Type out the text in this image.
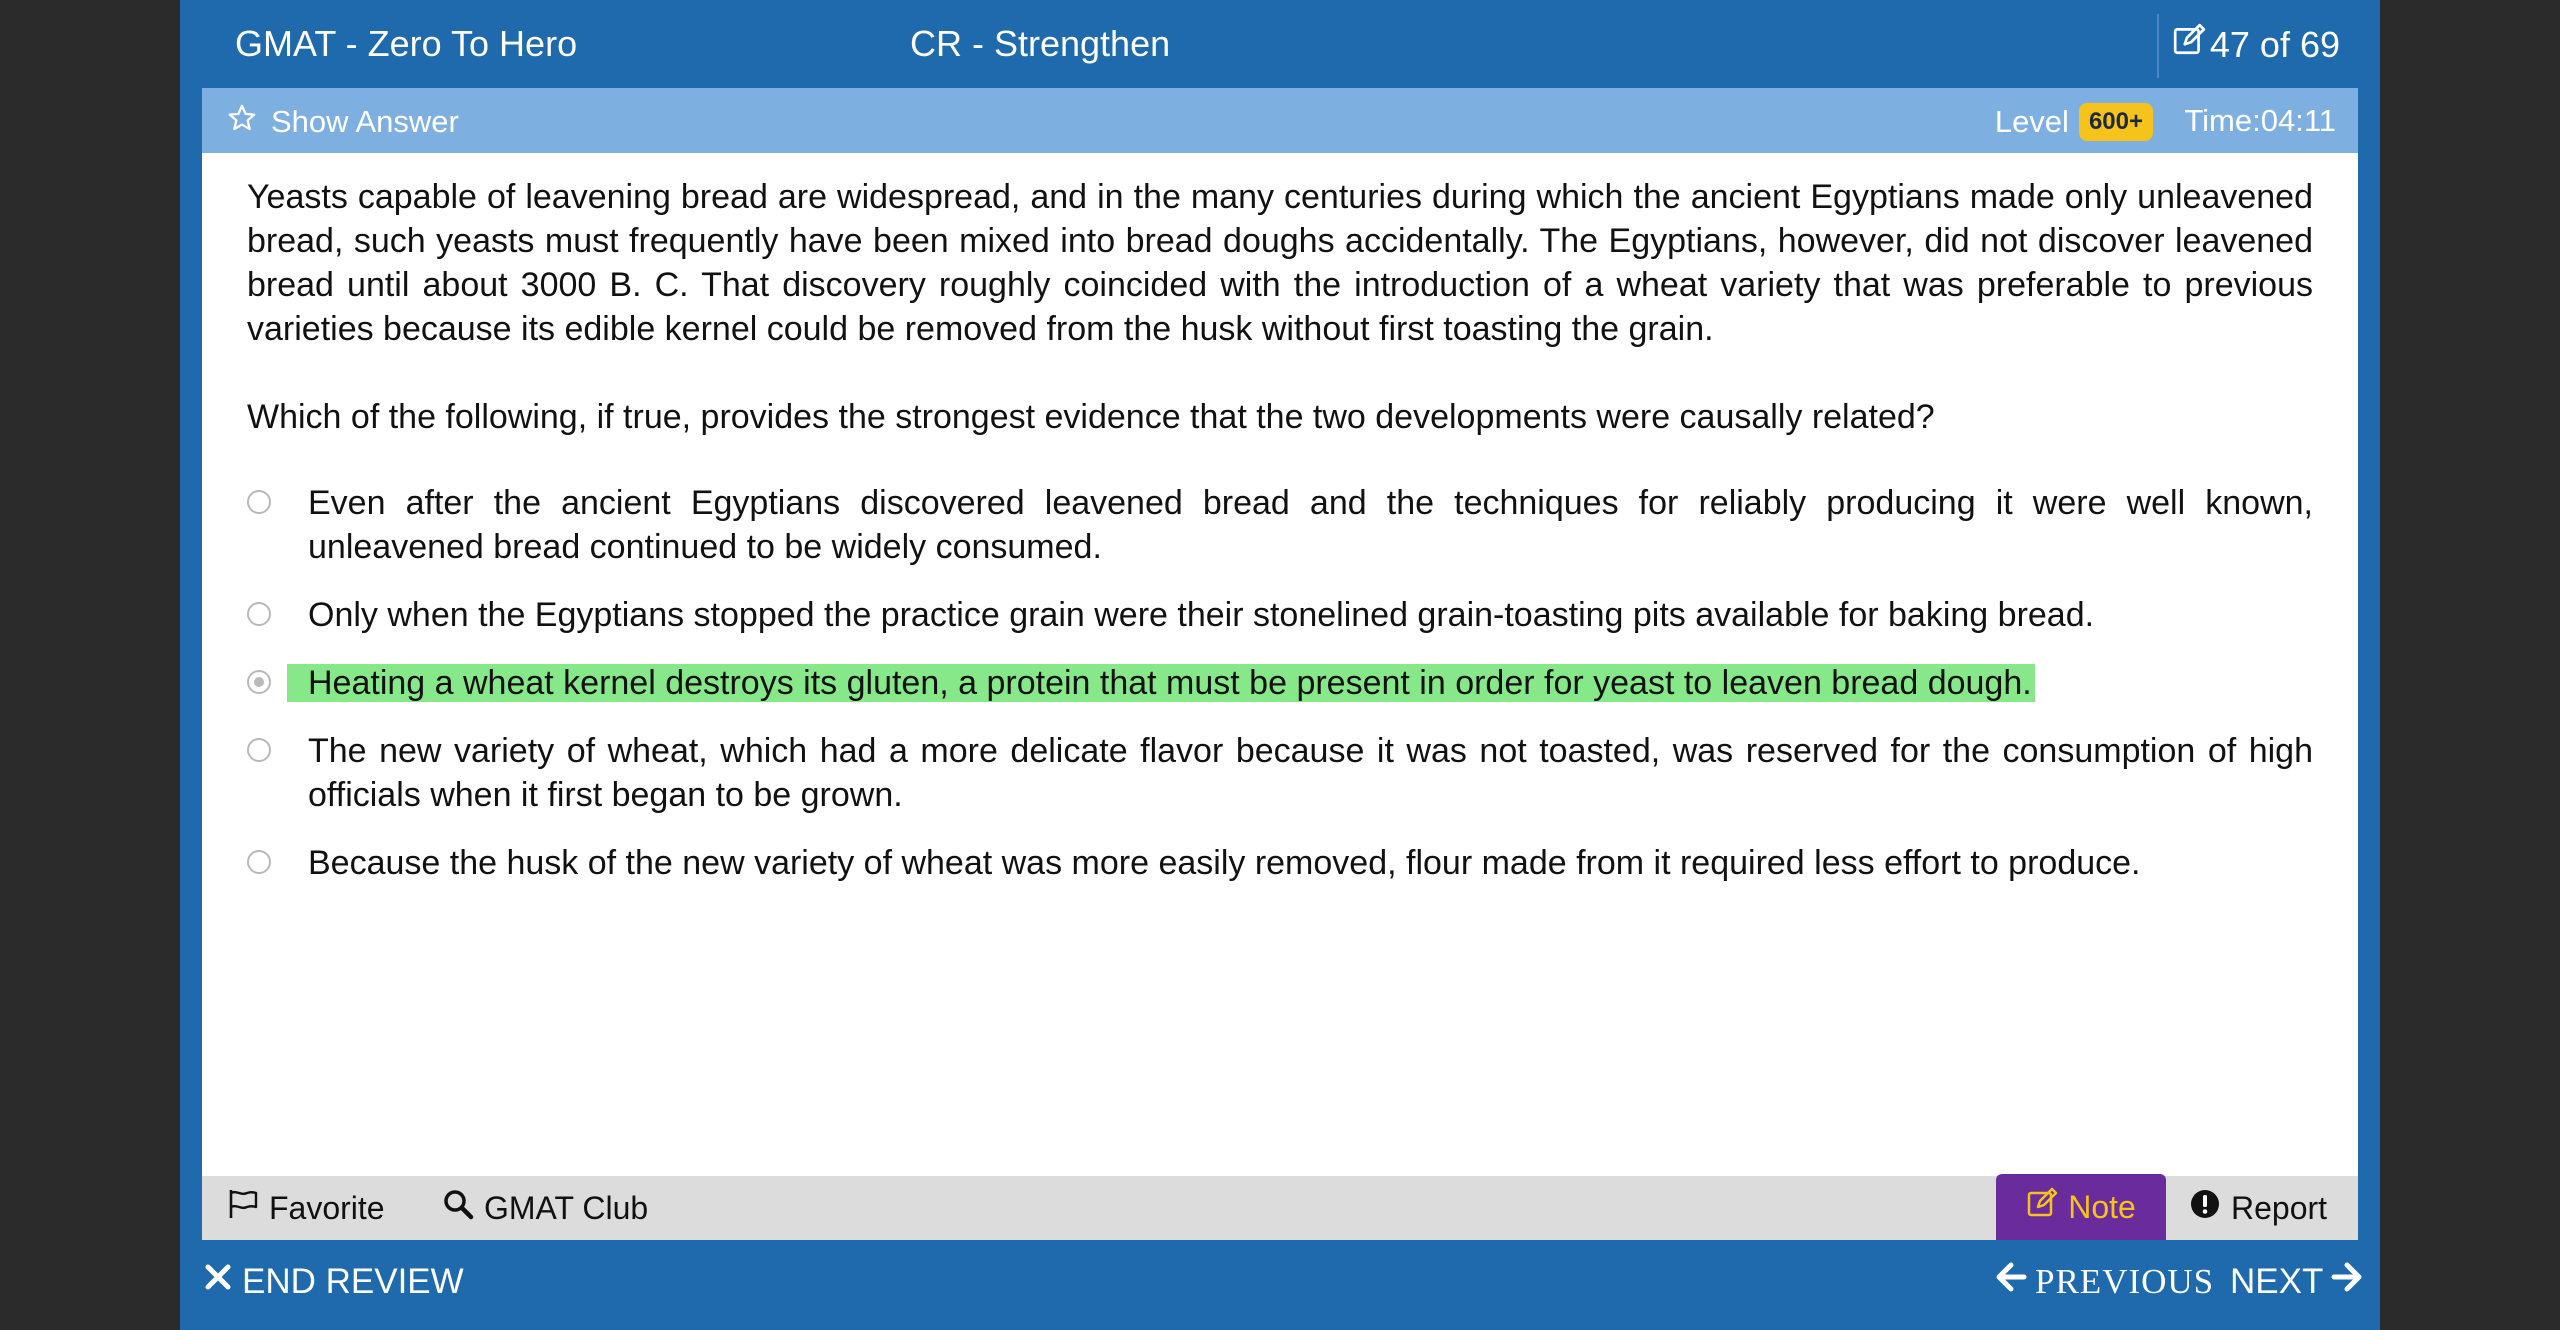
GMAT - Zero To Hero	CR - Strengthen	47 of 69
Show Answer	Level 600+	Time:04:11

Yeasts capable of leavening bread are widespread, and in the many centuries during which the ancient Egyptians made only unleavened bread, such yeasts must frequently have been mixed into bread doughs accidentally. The Egyptians, however, did not discover leavened bread until about 3000 B. C. That discovery roughly coincided with the introduction of a wheat variety that was preferable to previous varieties because its edible kernel could be removed from the husk without first toasting the grain.

Which of the following, if true, provides the strongest evidence that the two developments were causally related?

Even after the ancient Egyptians discovered leavened bread and the techniques for reliably producing it were well known, unleavened bread continued to be widely consumed.
Only when the Egyptians stopped the practice grain were their stonelined grain-toasting pits available for baking bread.
Heating a wheat kernel destroys its gluten, a protein that must be present in order for yeast to leaven bread dough.
The new variety of wheat, which had a more delicate flavor because it was not toasted, was reserved for the consumption of high officials when it first began to be grown.
Because the husk of the new variety of wheat was more easily removed, flour made from it required less effort to produce.
Favorite	GMAT Club	Note	Report
END REVIEW	PREVIOUS NEXT
